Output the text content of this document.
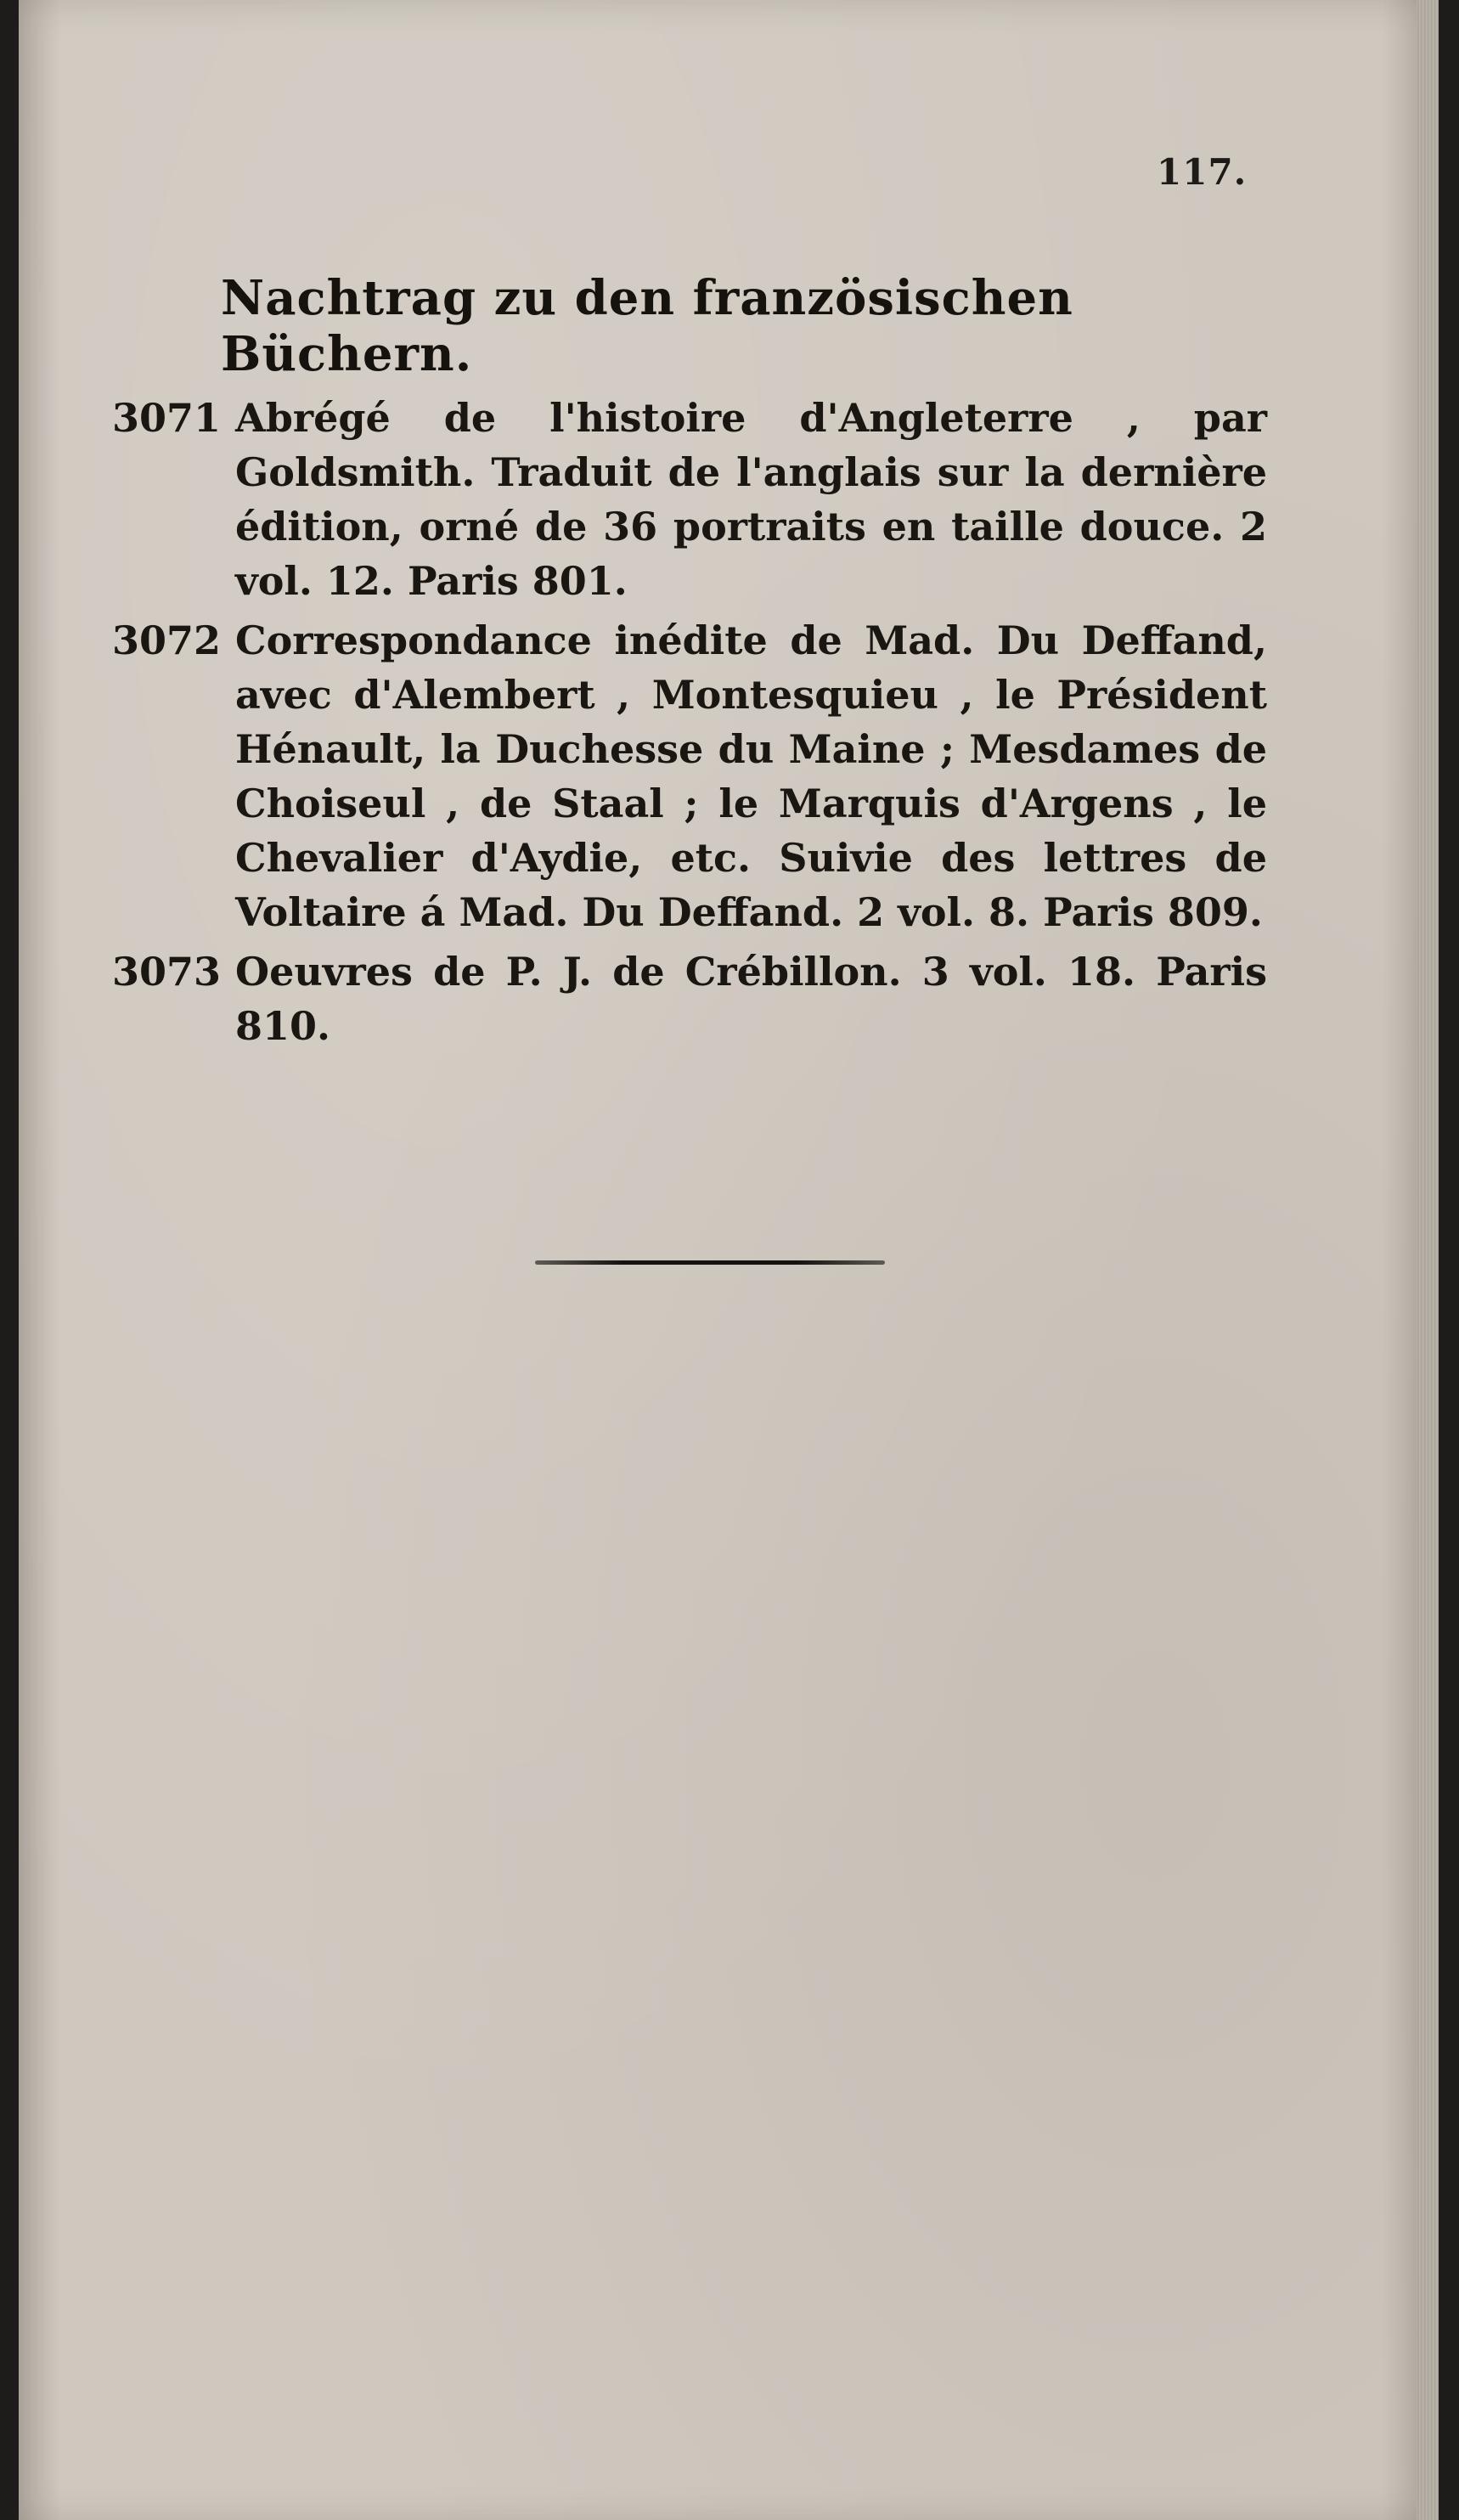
117.
Nachtrag zu den französischen Büchern.
3071 Abrégé de l'histoire d'Angleterre , par Goldsmith. Traduit de l'anglais sur la dernière édition, orné de 36 portraits en taille douce. 2 vol. 12. Paris 801.
3072 Correspondance inédite de Mad. Du Deffand, avec d'Alembert , Montesquieu , le Président Hénault, la Duchesse du Maine ; Mesdames de Choiseul , de Staal ; le Marquis d'Argens , le Chevalier d'Aydie, etc. Suivie des lettres de Voltaire á Mad. Du Deffand. 2 vol. 8. Paris 809.
3073 Oeuvres de P. J. de Crébillon. 3 vol. 18. Paris 810.
